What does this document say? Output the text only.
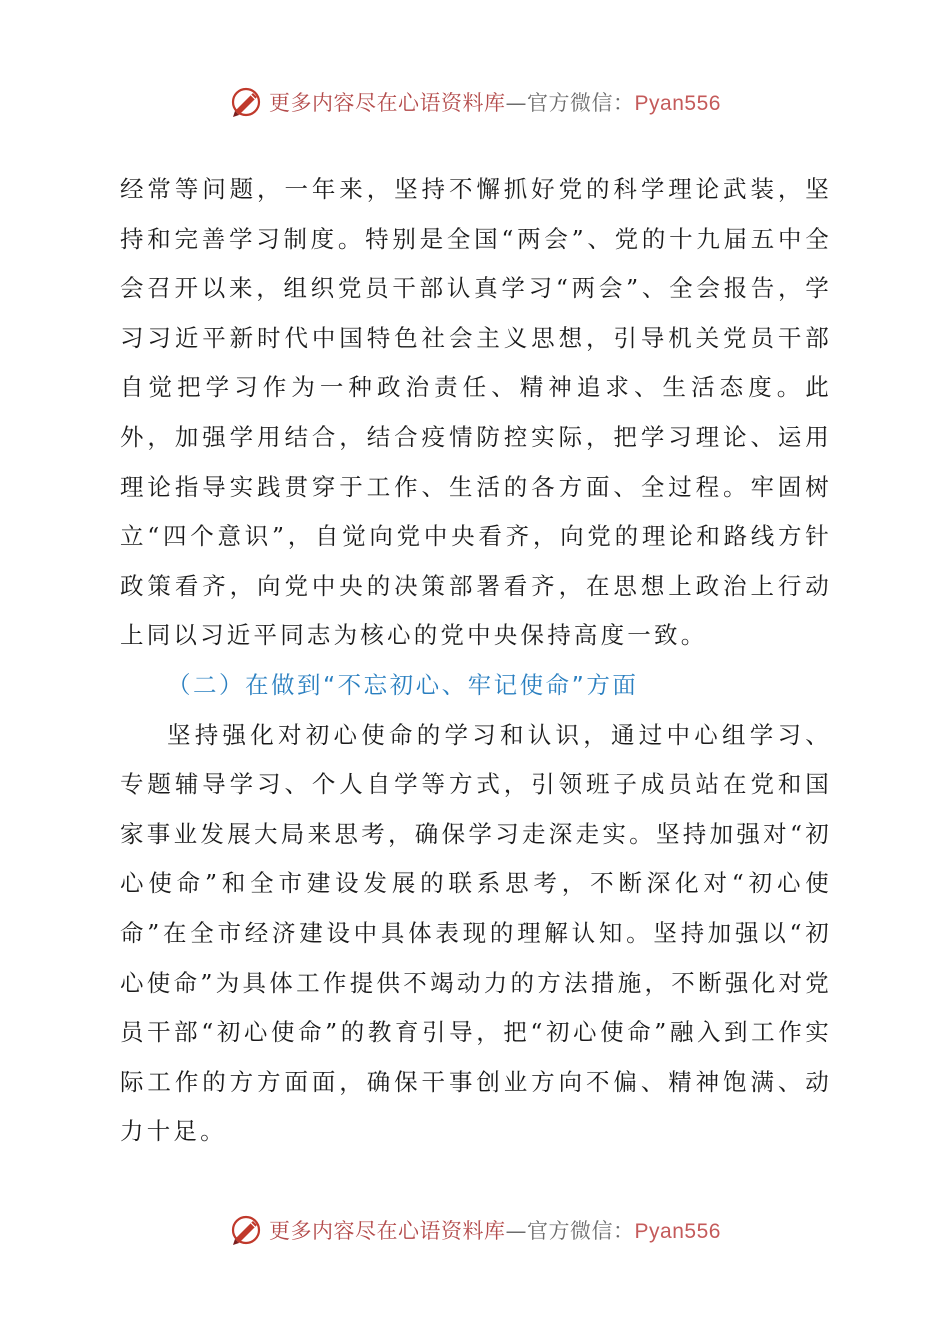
更多内容尽在心语资料库—官方微信：Pyan556

经常等问题，一年来，坚持不懈抓好党的科学理论武装，坚持和完善学习制度。特别是全国“两会”、党的十九届五中全会召开以来，组织党员干部认真学习“两会”、全会报告，学习习近平新时代中国特色社会主义思想，引导机关党员干部自觉把学习作为一种政治责任、精神追求、生活态度。此外，加强学用结合，结合疫情防控实际，把学习理论、运用理论指导实践贯穿于工作、生活的各方面、全过程。牢固树立“四个意识”，自觉向党中央看齐，向党的理论和路线方针政策看齐，向党中央的决策部署看齐，在思想上政治上行动上同以习近平同志为核心的党中央保持高度一致。

（二）在做到“不忘初心、牢记使命”方面

坚持强化对初心使命的学习和认识，通过中心组学习、专题辅导学习、个人自学等方式，引领班子成员站在党和国家事业发展大局来思考，确保学习走深走实。坚持加强对“初心使命”和全市建设发展的联系思考，不断深化对“初心使命”在全市经济建设中具体表现的理解认知。坚持加强以“初心使命”为具体工作提供不竭动力的方法措施，不断强化对党员干部“初心使命”的教育引导，把“初心使命”融入到工作实际工作的方方面面，确保干事创业方向不偏、精神饱满、动力十足。

更多内容尽在心语资料库—官方微信：Pyan556
